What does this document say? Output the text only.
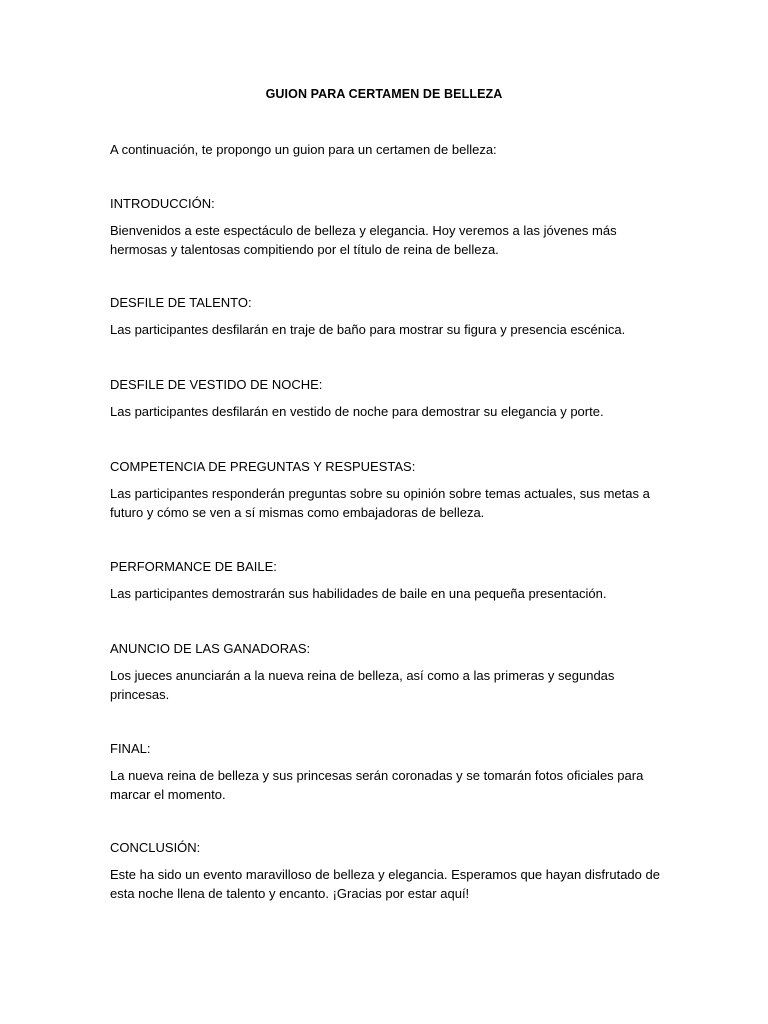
GUION PARA CERTAMEN DE BELLEZA
A continuación, te propongo un guion para un certamen de belleza:

INTRODUCCIÓN:

Bienvenidos a este espectáculo de belleza y elegancia. Hoy veremos a las jóvenes más hermosas y talentosas compitiendo por el título de reina de belleza.

DESFILE DE TALENTO:

Las participantes desfilarán en traje de baño para mostrar su figura y presencia escénica.

DESFILE DE VESTIDO DE NOCHE:

Las participantes desfilarán en vestido de noche para demostrar su elegancia y porte.

COMPETENCIA DE PREGUNTAS Y RESPUESTAS:

Las participantes responderán preguntas sobre su opinión sobre temas actuales, sus metas a futuro y cómo se ven a sí mismas como embajadoras de belleza.

PERFORMANCE DE BAILE:

Las participantes demostrarán sus habilidades de baile en una pequeña presentación.

ANUNCIO DE LAS GANADORAS:

Los jueces anunciarán a la nueva reina de belleza, así como a las primeras y segundas princesas.

FINAL:

La nueva reina de belleza y sus princesas serán coronadas y se tomarán fotos oficiales para marcar el momento.

CONCLUSIÓN:

Este ha sido un evento maravilloso de belleza y elegancia. Esperamos que hayan disfrutado de esta noche llena de talento y encanto. ¡Gracias por estar aquí!
